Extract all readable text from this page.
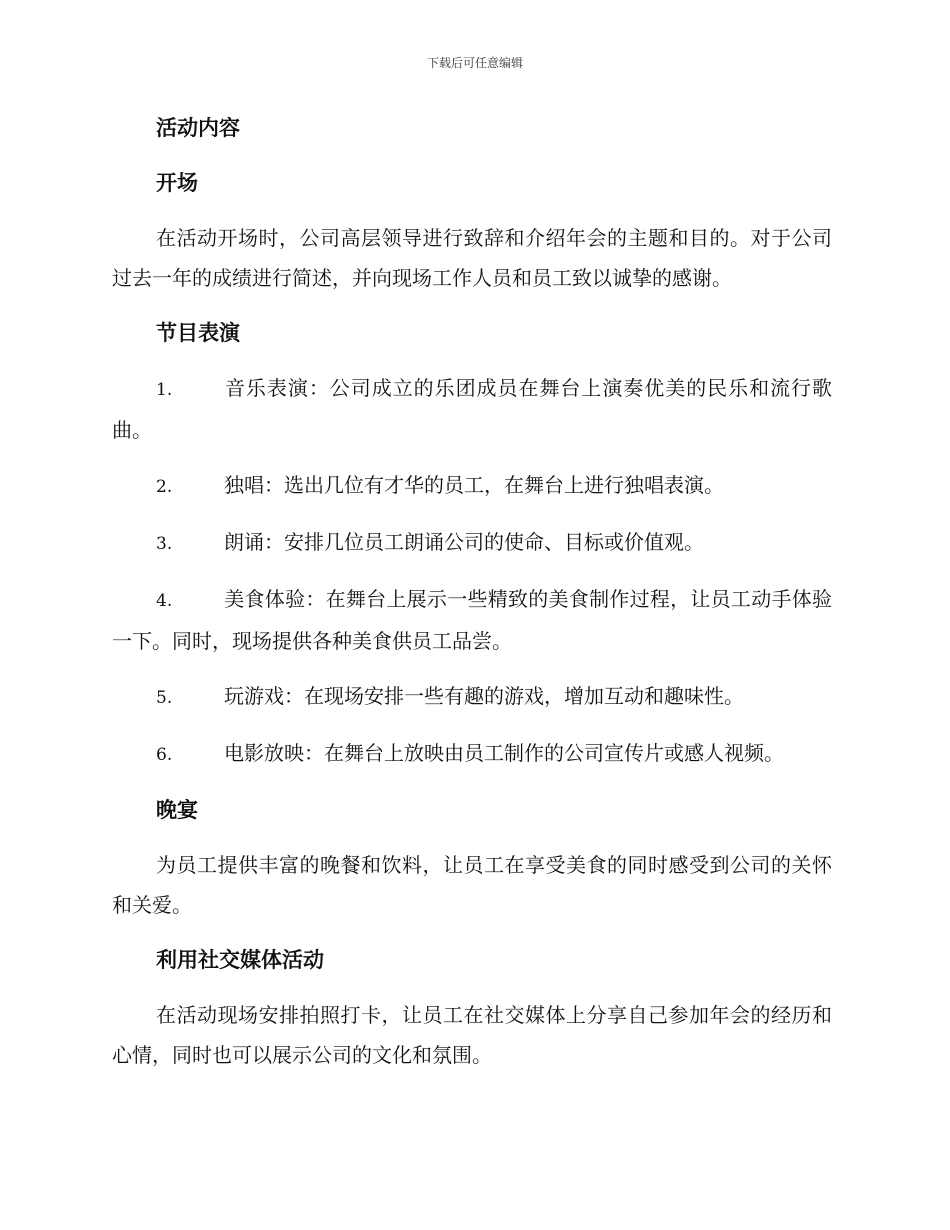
下载后可任意编辑
活动内容
开场
在活动开场时，公司高层领导进行致辞和介绍年会的主题和目的。对于公司过去一年的成绩进行简述，并向现场工作人员和员工致以诚挚的感谢。
节目表演
1.	音乐表演：公司成立的乐团成员在舞台上演奏优美的民乐和流行歌曲。
2.	独唱：选出几位有才华的员工，在舞台上进行独唱表演。
3.	朗诵：安排几位员工朗诵公司的使命、目标或价值观。
4.	美食体验：在舞台上展示一些精致的美食制作过程，让员工动手体验一下。同时，现场提供各种美食供员工品尝。
5.	玩游戏：在现场安排一些有趣的游戏，增加互动和趣味性。
6.	电影放映：在舞台上放映由员工制作的公司宣传片或感人视频。
晚宴
为员工提供丰富的晚餐和饮料，让员工在享受美食的同时感受到公司的关怀和关爱。
利用社交媒体活动
在活动现场安排拍照打卡，让员工在社交媒体上分享自己参加年会的经历和心情，同时也可以展示公司的文化和氛围。
